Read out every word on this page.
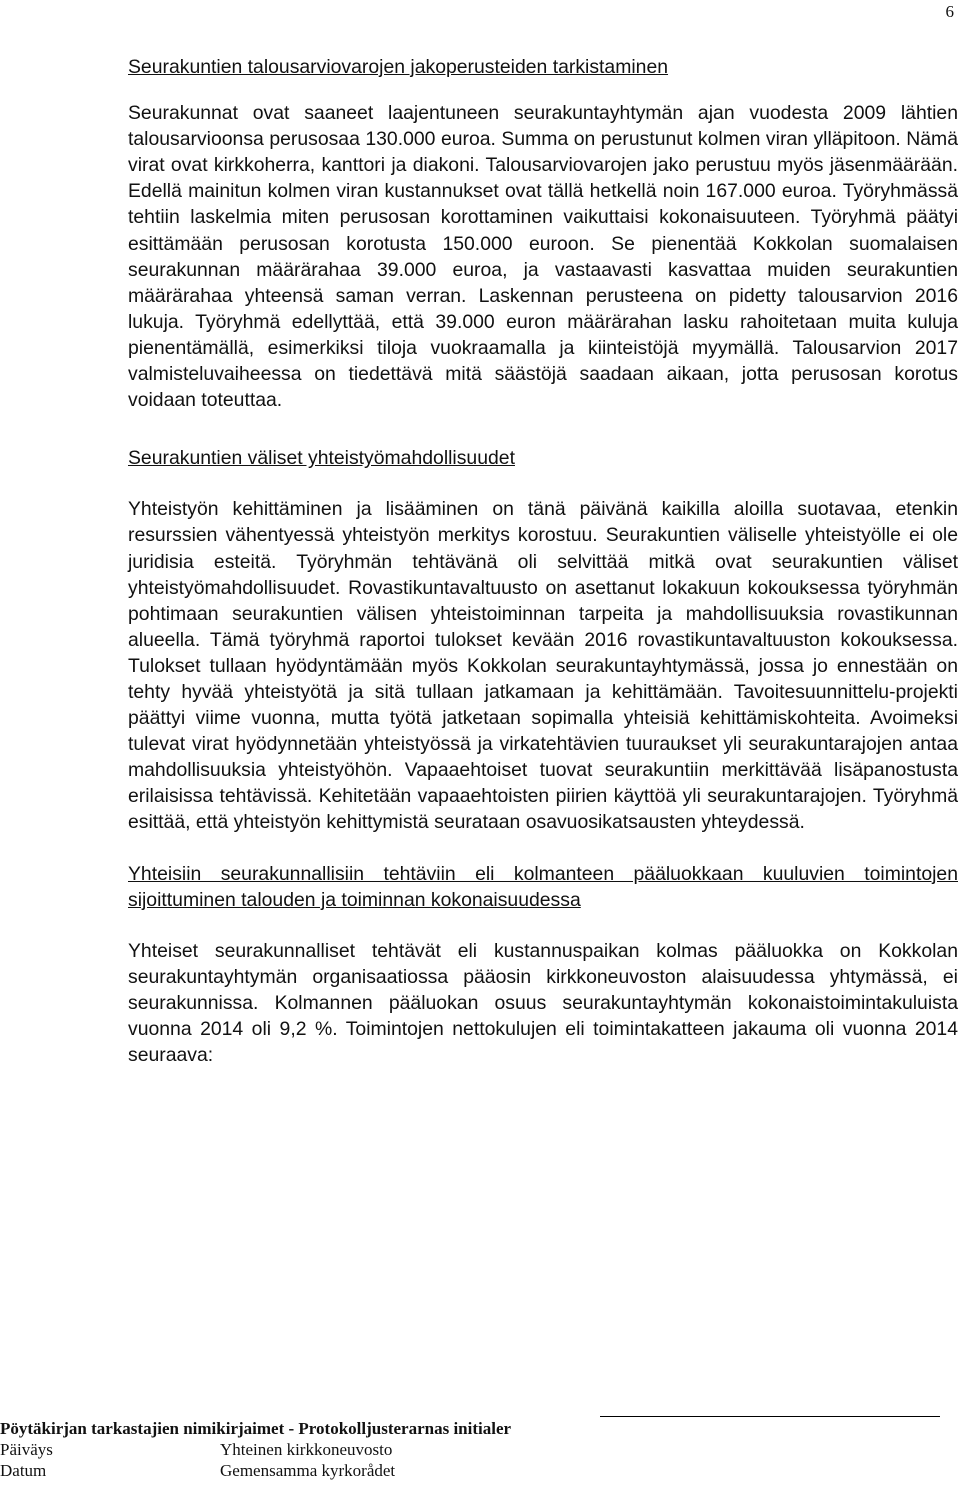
6
Seurakuntien talousarviovarojen jakoperusteiden tarkistaminen

Seurakunnat ovat saaneet laajentuneen seurakuntayhtymän ajan vuodesta 2009 lähtien talousarvioonsa perusosaa 130.000 euroa. Summa on perustunut kolmen viran ylläpitoon. Nämä virat ovat kirkkoherra, kanttori ja diakoni. Talousarviovarojen jako perustuu myös jäsenmäärään. Edellä mainitun kolmen viran kustannukset ovat tällä hetkellä noin 167.000 euroa. Työryhmässä tehtiin laskelmia miten perusosan korottaminen vaikuttaisi kokonaisuuteen. Työryhmä päätyi esittämään perusosan korotusta 150.000 euroon. Se pienentää Kokkolan suomalaisen seurakunnan määrärahaa 39.000 euroa, ja vastaavasti kasvattaa muiden seurakuntien määrärahaa yhteensä saman verran. Laskennan perusteena on pidetty talousarvion 2016 lukuja. Työryhmä edellyttää, että 39.000 euron määrärahan lasku rahoitetaan muita kuluja pienentämällä, esimerkiksi tiloja vuokraamalla ja kiinteistöjä myymällä. Talousarvion 2017 valmisteluvaiheessa on tiedettävä mitä säästöjä saadaan aikaan, jotta perusosan korotus voidaan toteuttaa.

Seurakuntien väliset yhteistyömahdollisuudet

Yhteistyön kehittäminen ja lisääminen on tänä päivänä kaikilla aloilla suotavaa, etenkin resurssien vähentyessä yhteistyön merkitys korostuu. Seurakuntien väliselle yhteistyölle ei ole juridisia esteitä. Työryhmän tehtävänä oli selvittää mitkä ovat seurakuntien väliset yhteistyömahdollisuudet. Rovastikuntavaltuusto on asettanut lokakuun kokouksessa työryhmän pohtimaan seurakuntien välisen yhteistoiminnan tarpeita ja mahdollisuuksia rovastikunnan alueella. Tämä työryhmä raportoi tulokset kevään 2016 rovastikuntavaltuuston kokouksessa. Tulokset tullaan hyödyntämään myös Kokkolan seurakuntayhtymässä, jossa jo ennestään on tehty hyvää yhteistyötä ja sitä tullaan jatkamaan ja kehittämään. Tavoitesuunnittelu-projekti päättyi viime vuonna, mutta työtä jatketaan sopimalla yhteisiä kehittämiskohteita. Avoimeksi tulevat virat hyödynnetään yhteistyössä ja virkatehtävien tuuraukset yli seurakuntarajojen antaa mahdollisuuksia yhteistyöhön. Vapaaehtoiset tuovat seurakuntiin merkittävää lisäpanostusta erilaisissa tehtävissä. Kehitetään vapaaehtoisten piirien käyttöä yli seurakuntarajojen. Työryhmä esittää, että yhteistyön kehittymistä seurataan osavuosikatsausten yhteydessä.

Yhteisiin seurakunnallisiin tehtäviin eli kolmanteen pääluokkaan kuuluvien toimintojen sijoittuminen talouden ja toiminnan kokonaisuudessa

Yhteiset seurakunnalliset tehtävät eli kustannuspaikan kolmas pääluokka on Kokkolan seurakuntayhtymän organisaatiossa pääosin kirkkoneuvoston alaisuudessa yhtymässä, ei seurakunnissa. Kolmannen pääluokan osuus seurakuntayhtymän kokonaistoimintakuluista vuonna 2014 oli 9,2 %. Toimintojen nettokulujen eli toimintakatteen jakauma oli vuonna 2014 seuraava:

Pöytäkirjan tarkastajien nimikirjaimet - Protokolljusterarnas initialer
Päiväys	Yhteinen kirkkoneuvosto
Datum	Gemensamma kyrkorådet
